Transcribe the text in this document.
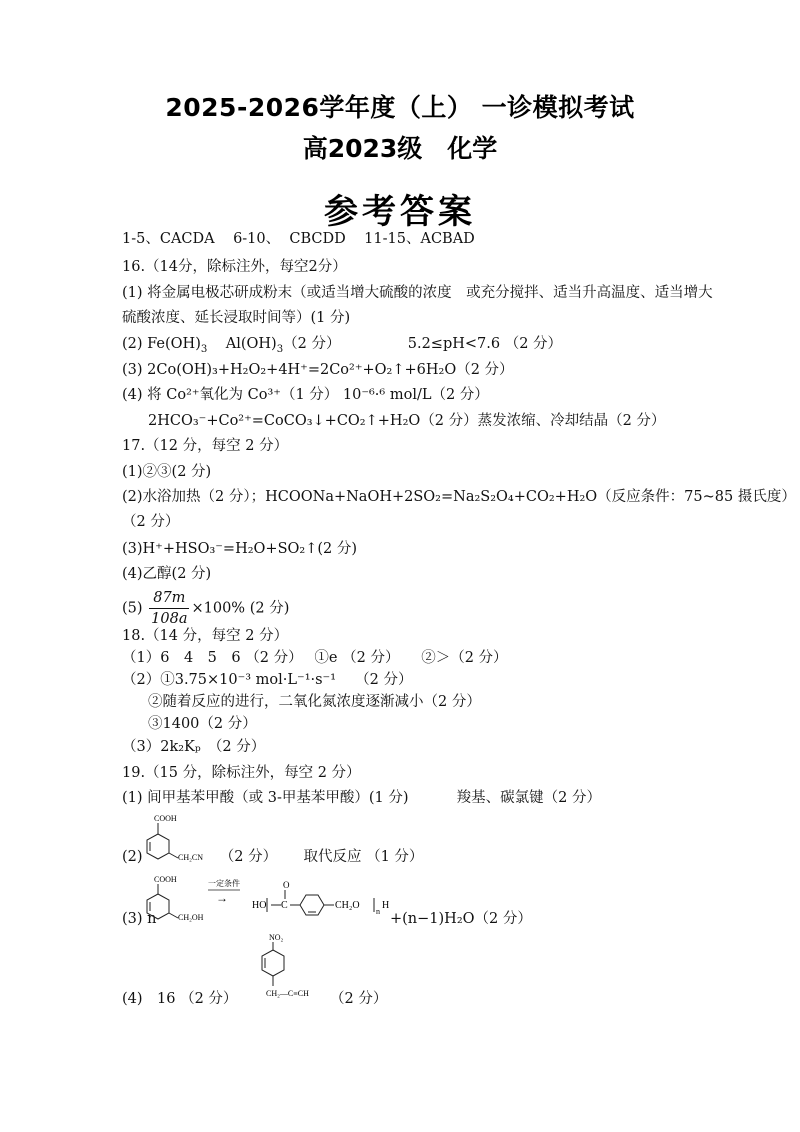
2025-2026学年度（上） 一诊模拟考试
高2023级　化学
参考答案
1-5、CACDA 6-10、 CBCDD 11-15、ACBAD
16.（14分，除标注外，每空2分）
(1) 将金属电极芯研成粉末（或适当增大硫酸的浓度　或充分搅拌、适当升高温度、适当增大
硫酸浓度、延长浸取时间等）(1 分)
(2) $Fe(OH)_3$ $Al(OH)_3(2$ 分）	5.2≤pH<7.6 （2 分）
(3) 2Co(OH)₃+H₂O₂+4H⁺=2Co²⁺+O₂↑+6H₂O（2 分）
(4) 将 Co²⁺氧化为 Co³⁺（1 分） 10⁻⁶·⁶ mol/L（2 分）
2HCO₃⁻+Co²⁺=CoCO₃↓+CO₂↑+H₂O（2 分）蒸发浓缩、冷却结晶（2 分）
17.（12 分，每空 2 分）
(1)②③(2 分)
(2)水浴加热（2 分）；HCOONa+NaOH+2SO₂=Na₂S₂O₄+CO₂+H₂O（反应条件：75~85 摄氏度）
（2 分）
(3)H⁺+HSO₃⁻=H₂O+SO₂↑(2 分)
(4)乙醇(2 分)
$(5) \frac{87m}{108a} \times 100\%$ (2 分)
18.（14 分，每空 2 分）
（1）6　4　5　6 （2 分）　 ①e （2 分）　　②＞（2 分）
（2）①3.75×10⁻³ mol·L⁻¹·s⁻¹　 （2 分）
②随着反应的进行，二氧化氮浓度逐渐减小（2 分）
③1400（2 分）
（3）2k₂Kₚ　（2 分）
19.（15 分，除标注外，每空 2 分）
(1) 间甲基苯甲酸（或 3-甲基苯甲酸）(1 分)　　　 羧基、碳氯键（2 分）
COOH
CH₂CN
(2)	（2 分）　　 取代反应 （1 分）
(3) n
COOH
CH₂OH
一定条件
→
HO
O
C	CH₂O
n
H
+(n−1)H₂O（2 分）
(4)　16 （2 分）
NO₂
CH₂—C≡CH （2 分）
